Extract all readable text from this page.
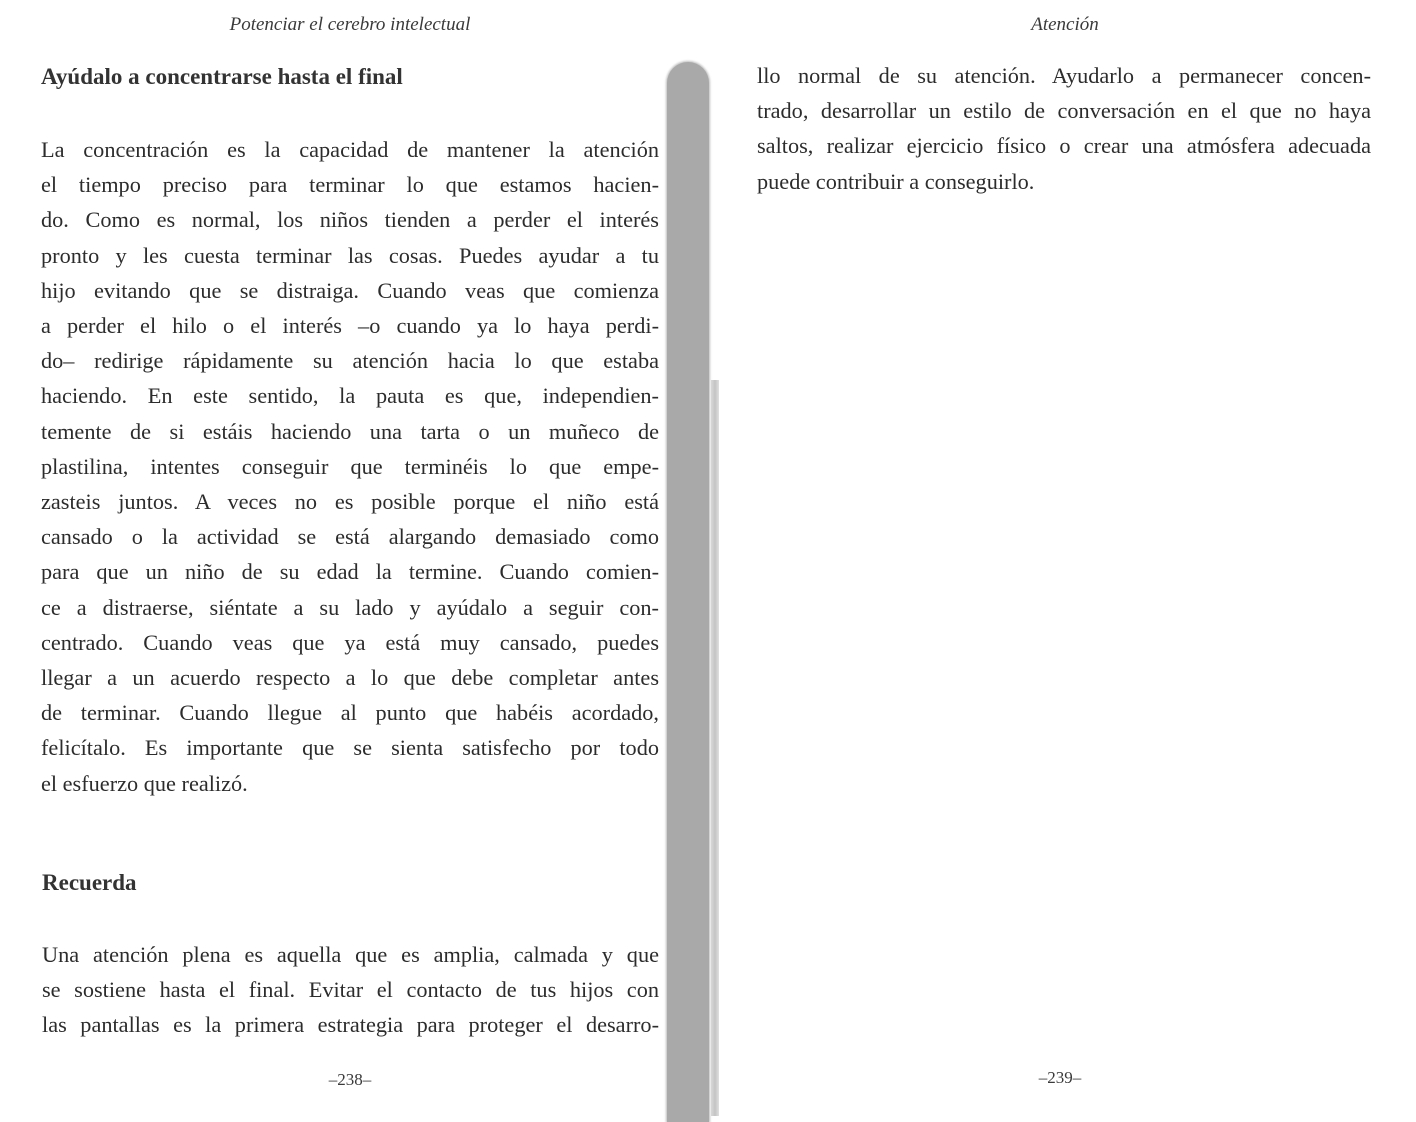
Potenciar el cerebro intelectual
Ayúdalo a concentrarse hasta el final
La concentración es la capacidad de mantener la atención
el tiempo preciso para terminar lo que estamos hacien-
do. Como es normal, los niños tienden a perder el interés
pronto y les cuesta terminar las cosas. Puedes ayudar a tu
hijo evitando que se distraiga. Cuando veas que comienza
a perder el hilo o el interés –o cuando ya lo haya perdi-
do– redirige rápidamente su atención hacia lo que estaba
haciendo. En este sentido, la pauta es que, independien-
temente de si estáis haciendo una tarta o un muñeco de
plastilina, intentes conseguir que terminéis lo que empe-
zasteis juntos. A veces no es posible porque el niño está
cansado o la actividad se está alargando demasiado como
para que un niño de su edad la termine. Cuando comien-
ce a distraerse, siéntate a su lado y ayúdalo a seguir con-
centrado. Cuando veas que ya está muy cansado, puedes
llegar a un acuerdo respecto a lo que debe completar antes
de terminar. Cuando llegue al punto que habéis acordado,
felicítalo. Es importante que se sienta satisfecho por todo
el esfuerzo que realizó.
Recuerda
Una atención plena es aquella que es amplia, calmada y que
se sostiene hasta el final. Evitar el contacto de tus hijos con
las pantallas es la primera estrategia para proteger el desarro-
–238–
Atención
llo normal de su atención. Ayudarlo a permanecer concen-
trado, desarrollar un estilo de conversación en el que no haya
saltos, realizar ejercicio físico o crear una atmósfera adecuada
puede contribuir a conseguirlo.
–239–
